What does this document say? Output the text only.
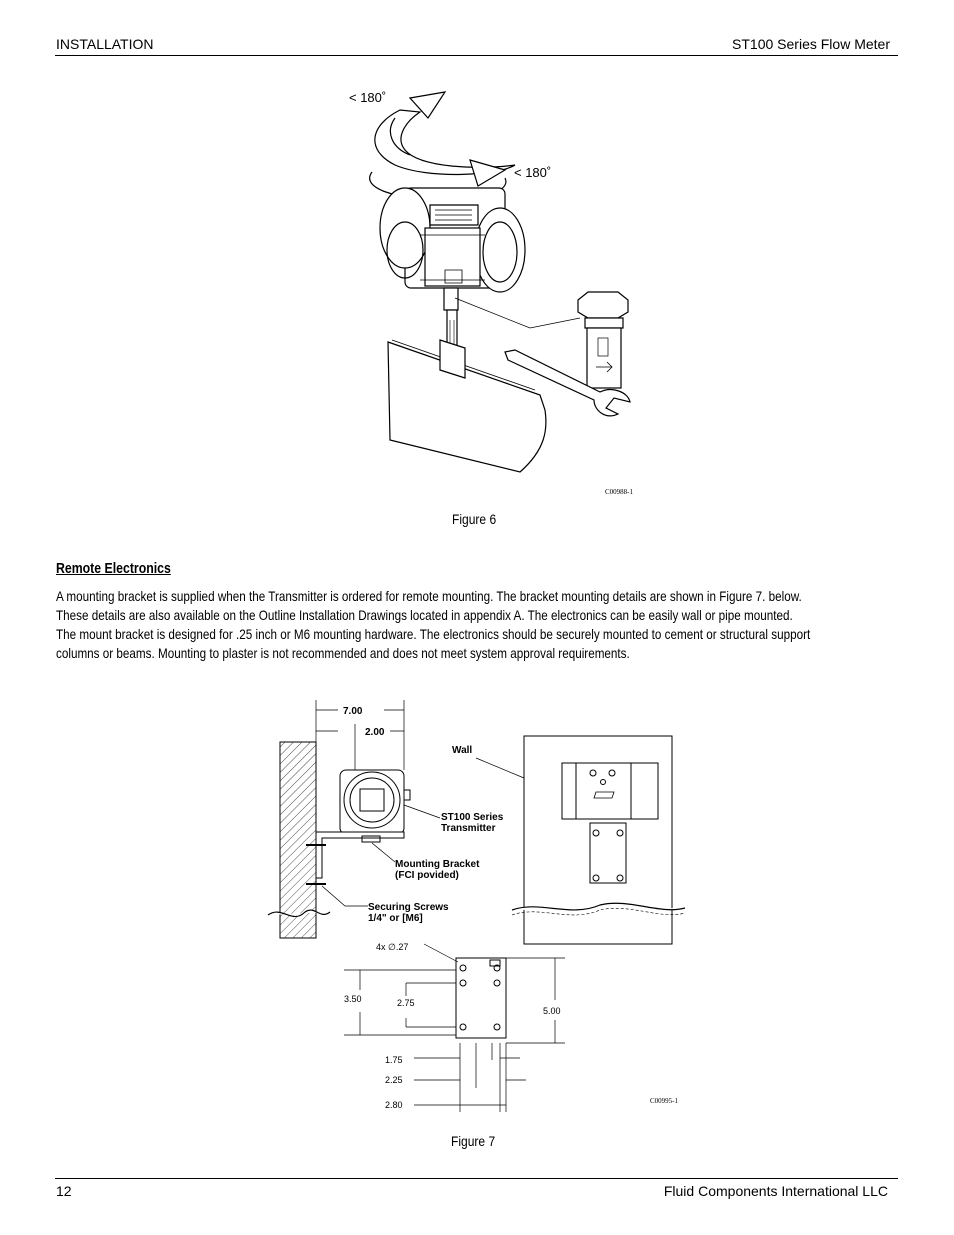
INSTALLATION	ST100 Series Flow Meter
< 180˚
< 180˚
C00988-1
Figure 6
Remote Electronics

A mounting bracket is supplied when the Transmitter is ordered for remote mounting. The bracket mounting details are shown in Figure 7. below.

These details are also available on the Outline Installation Drawings located in appendix A. The electronics can be easily wall or pipe mounted.

The mount bracket is designed for .25 inch or M6 mounting hardware. The electronics should be securely mounted to cement or structural support

columns or beams. Mounting to plaster is not recommended and does not meet system approval requirements.

7.00
2.00
Wall
ST100 Series
Transmitter
Mounting Bracket
(FCI povided)
Securing Screws
1/4" or [M6]
4x ∅.27
3.50	2.75
5.00
1.75
2.25
2.80	C00995-1
Figure 7
12	Fluid Components International LLC
